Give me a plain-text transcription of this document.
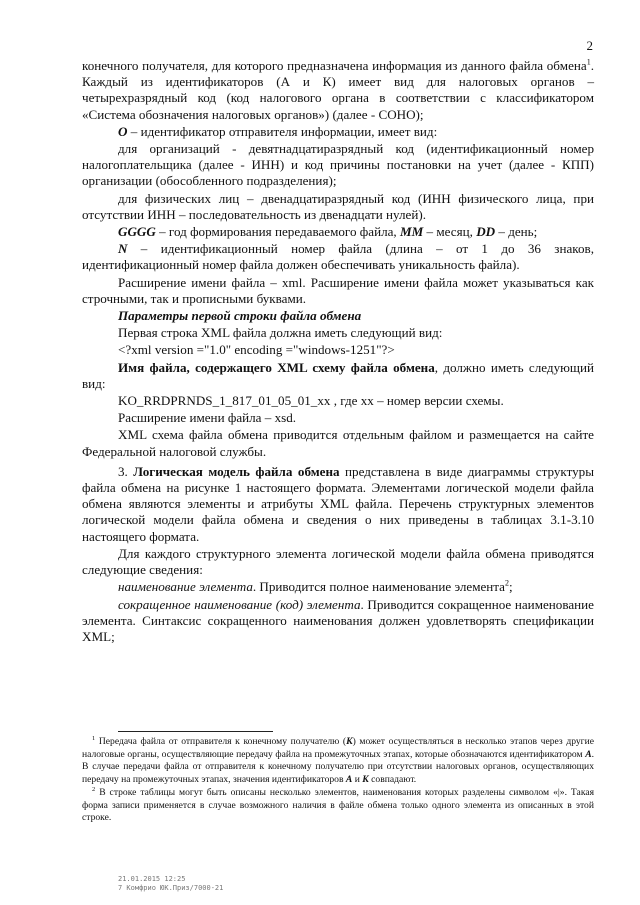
2

конечного получателя, для которого предназначена информация из данного файла обмена$^1$. Каждый из идентификаторов (А и К) имеет вид для налоговых органов – четырехразрядный код (код налогового органа в соответствии с классификатором «Система обозначения налоговых органов») (далее - СОНО);

O – идентификатор отправителя информации, имеет вид:

для организаций - девятнадцатиразрядный код (идентификационный номер налогоплательщика (далее - ИНН) и код причины постановки на учет (далее - КПП) организации (обособленного подразделения);

для физических лиц – двенадцатиразрядный код (ИНН физического лица, при отсутствии ИНН – последовательность из двенадцати нулей).

GGGG – год формирования передаваемого файла, MM – месяц, DD – день;

N – идентификационный номер файла (длина – от 1 до 36 знаков, идентификационный номер файла должен обеспечивать уникальность файла).

Расширение имени файла – xml. Расширение имени файла может указываться как строчными, так и прописными буквами.

Параметры первой строки файла обмена

Первая строка XML файла должна иметь следующий вид:

<?xml version ="1.0" encoding ="windows-1251"?>

Имя файла, содержащего XML схему файла обмена, должно иметь следующий вид:

KO_RRDPRNDS_1_817_01_05_01_xx , где хх – номер версии схемы.

Расширение имени файла – xsd.

XML схема файла обмена приводится отдельным файлом и размещается на сайте Федеральной налоговой службы.

3. Логическая модель файла обмена представлена в виде диаграммы структуры файла обмена на рисунке 1 настоящего формата. Элементами логической модели файла обмена являются элементы и атрибуты XML файла. Перечень структурных элементов логической модели файла обмена и сведения о них приведены в таблицах 3.1-3.10 настоящего формата.

Для каждого структурного элемента логической модели файла обмена приводятся следующие сведения:

наименование элемента. Приводится полное наименование элемента$^2$;

сокращенное наименование (код) элемента. Приводится сокращенное наименование элемента. Синтаксис сокращенного наименования должен удовлетворять спецификации XML;

$^1$ Передача файла от отправителя к конечному получателю (К) может осуществляться в несколько этапов через другие налоговые органы, осуществляющие передачу файла на промежуточных этапах, которые обозначаются идентификатором А. В случае передачи файла от отправителя к конечному получателю при отсутствии налоговых органов, осуществляющих передачу на промежуточных этапах, значения идентификаторов А и К совпадают.

$^2$ В строке таблицы могут быть описаны несколько элементов, наименования которых разделены символом «|». Такая форма записи применяется в случае возможного наличия в файле обмена только одного элемента из описанных в этой строке.

21.01.2015 12:25
7 Комфрио ЮК.Приз/7000-21
